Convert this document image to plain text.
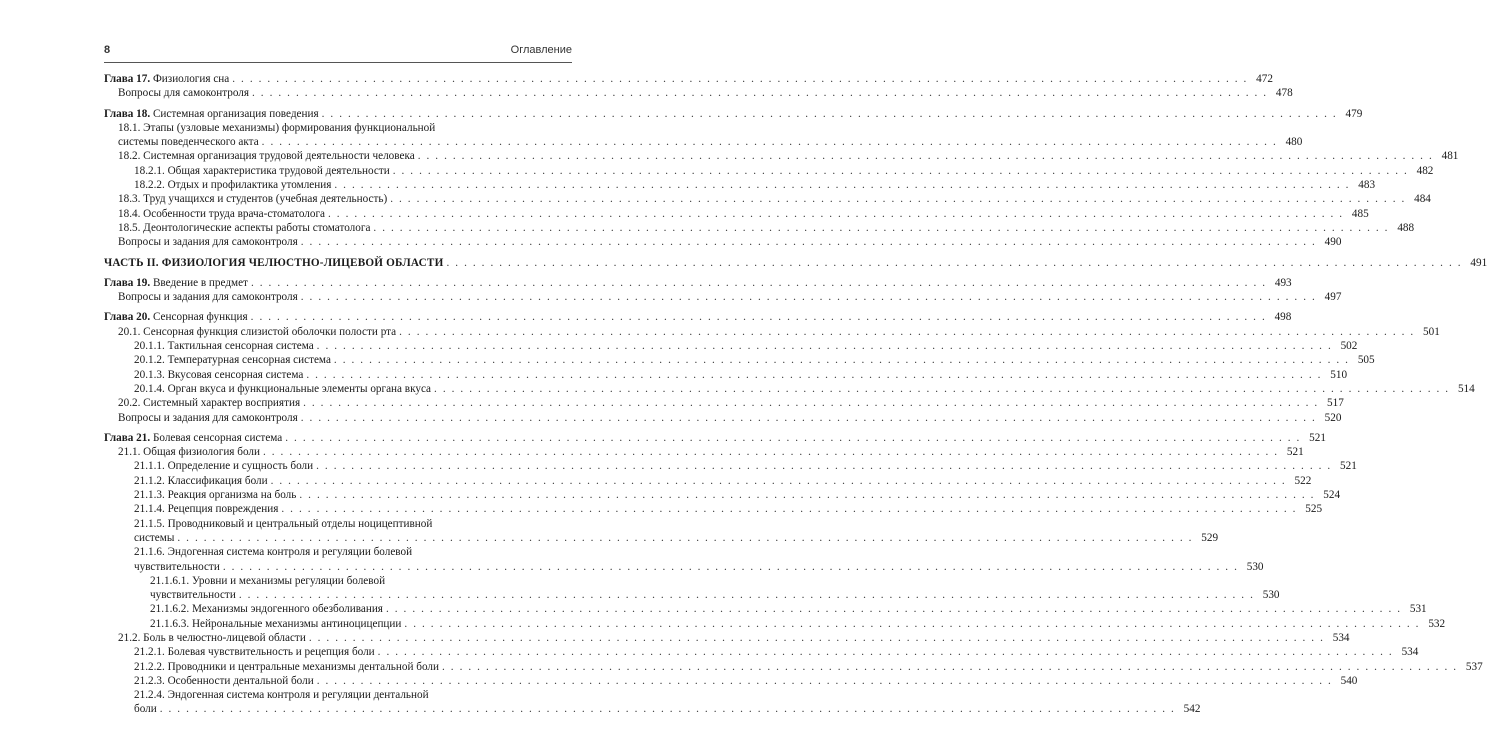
8	Оглавление
Глава 17. Физиология сна . . .	472
Вопросы для самоконтроля . . .	478
Глава 18. Системная организация поведения . . .	479
18.1. Этапы (узловые механизмы) формирования функциональной
системы поведенческого акта . . .	480
18.2. Системная организация трудовой деятельности человека . . .	481
18.2.1. Общая характеристика трудовой деятельности . . .	482
18.2.2. Отдых и профилактика утомления . . .	483
18.3. Труд учащихся и студентов (учебная деятельность) . . .	484
18.4. Особенности труда врача-стоматолога . . .	485
18.5. Деонтологические аспекты работы стоматолога . . .	488
Вопросы и задания для самоконтроля . . .	490
ЧАСТЬ II. ФИЗИОЛОГИЯ ЧЕЛЮСТНО-ЛИЦЕВОЙ ОБЛАСТИ . . .	491
Глава 19. Введение в предмет . . .	493
Вопросы и задания для самоконтроля . . .	497
Глава 20. Сенсорная функция . . .	498
20.1. Сенсорная функция слизистой оболочки полости рта . . .	501
20.1.1. Тактильная сенсорная система . . .	502
20.1.2. Температурная сенсорная система . . .	505
20.1.3. Вкусовая сенсорная система . . .	510
20.1.4. Орган вкуса и функциональные элементы органа вкуса . . .	514
20.2. Системный характер восприятия . . .	517
Вопросы и задания для самоконтроля . . .	520
Глава 21. Болевая сенсорная система . . .	521
21.1. Общая физиология боли . . .	521
21.1.1. Определение и сущность боли . . .	521
21.1.2. Классификация боли . . .	522
21.1.3. Реакция организма на боль . . .	524
21.1.4. Рецепция повреждения . . .	525
21.1.5. Проводниковый и центральный отделы ноцицептивной
системы . . .	529
21.1.6. Эндогенная система контроля и регуляции болевой
чувствительности . . .	530
21.1.6.1. Уровни и механизмы регуляции болевой
чувствительности . . .	530
21.1.6.2. Механизмы эндогенного обезболивания . . .	531
21.1.6.3. Нейрональные механизмы антиноцицепции . . .	532
21.2. Боль в челюстно-лицевой области . . .	534
21.2.1. Болевая чувствительность и рецепция боли . . .	534
21.2.2. Проводники и центральные механизмы дентальной боли . . .	537
21.2.3. Особенности дентальной боли . . .	540
21.2.4. Эндогенная система контроля и регуляции дентальной
боли . . .	542
